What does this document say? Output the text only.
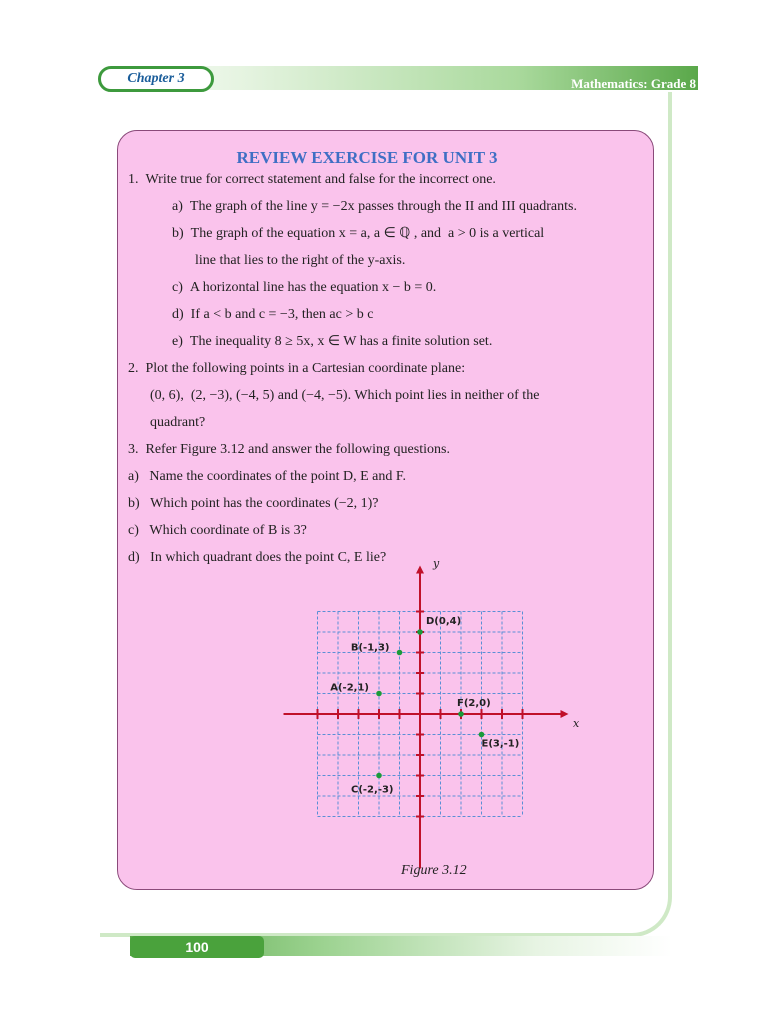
Chapter 3	Mathematics: Grade 8
REVIEW EXERCISE FOR UNIT 3
1. Write true for correct statement and false for the incorrect one.
a) The graph of the line y = −2x passes through the II and III quadrants.
b) The graph of the equation x = a, a ∈ ℚ , and  a > 0 is a vertical
line that lies to the right of the y-axis.
c) A horizontal line has the equation x − b = 0.
d) If a < b and c = −3, then ac > b c
e) The inequality 8 ≥ 5x, x ∈ W has a finite solution set.
2. Plot the following points in a Cartesian coordinate plane:
(0, 6),  (2, −3), (−4, 5) and (−4, −5). Which point lies in neither of the
quadrant?
3. Refer Figure 3.12 and answer the following questions.
a) Name the coordinates of the point D, E and F.
b) Which point has the coordinates (−2, 1)?
c) Which coordinate of B is 3?
d) In which quadrant does the point C, E lie?
D(0,4)
B(-1,3)
A(-2,1)
F(2,0)
E(3,-1)
C(-2,-3)
y
x
Figure 3.12
100
